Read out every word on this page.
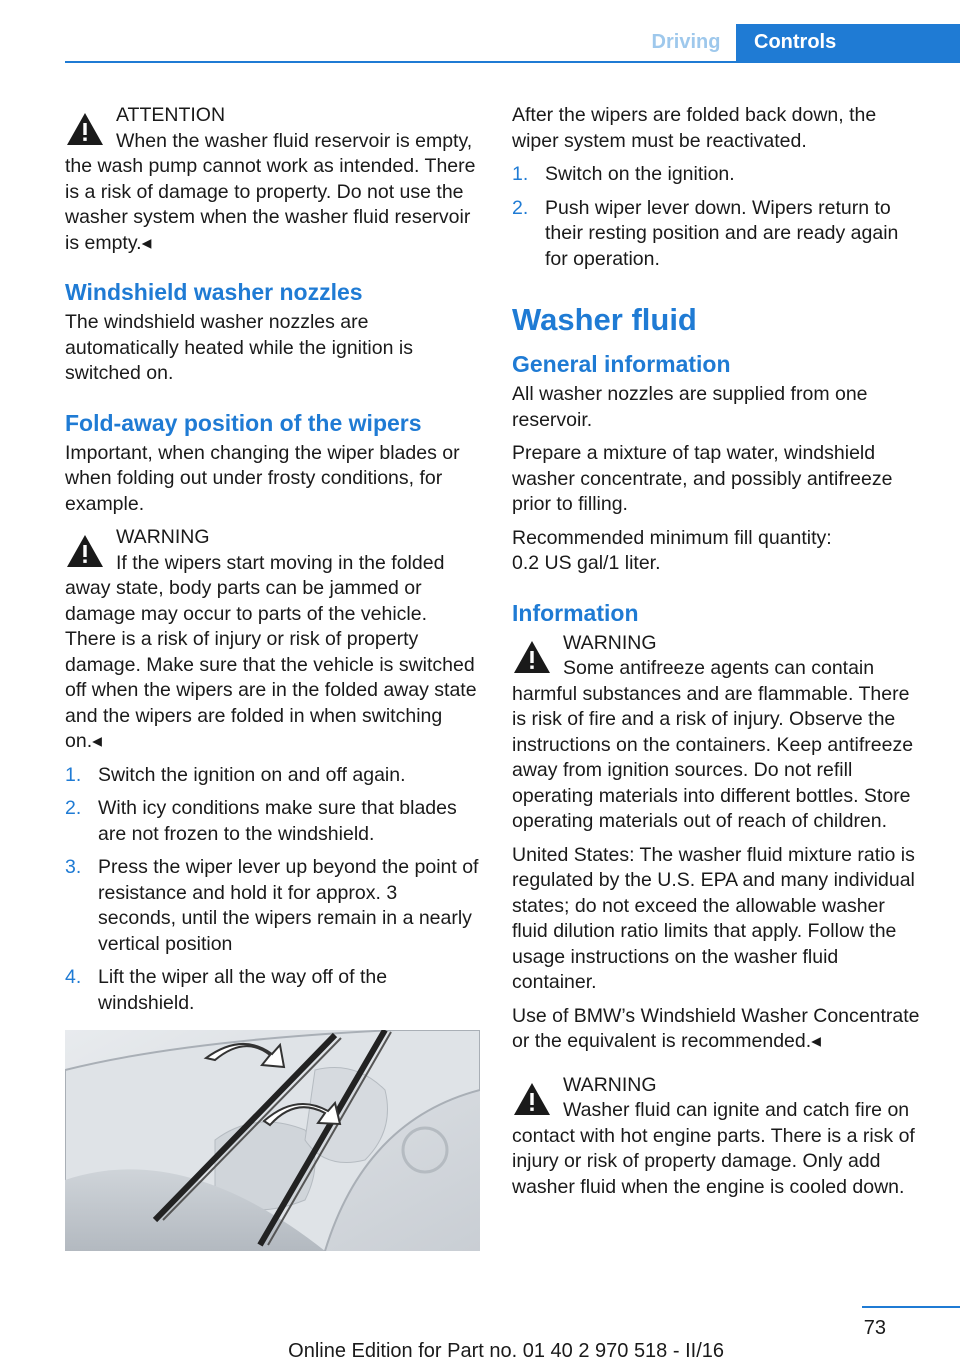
Driving	Controls
ATTENTION
When the washer fluid reservoir is empty,
the wash pump cannot work as intended. There is a risk of damage to property. Do not use the washer system when the washer fluid reservoir is empty.◂
Windshield washer nozzles

The windshield washer nozzles are automatically heated while the ignition is switched on.

Fold-away position of the wipers

Important, when changing the wiper blades or when folding out under frosty conditions, for example.

WARNING
If the wipers start moving in the folded
away state, body parts can be jammed or damage may occur to parts of the vehicle. There is a risk of injury or risk of property damage. Make sure that the vehicle is switched off when the wipers are in the folded away state and the wipers are folded in when switching on.◂
1. Switch the ignition on and off again.
2. With icy conditions make sure that blades are not frozen to the windshield.
3. Press the wiper lever up beyond the point of resistance and hold it for approx. 3 seconds, until the wipers remain in a nearly vertical position
4. Lift the wiper all the way off of the windshield.

After the wipers are folded back down, the wiper system must be reactivated.

1. Switch on the ignition.
2. Push wiper lever down. Wipers return to their resting position and are ready again for operation.
Washer fluid
General information

All washer nozzles are supplied from one reservoir.

Prepare a mixture of tap water, windshield washer concentrate, and possibly antifreeze prior to filling.

Recommended minimum fill quantity:
0.2 US gal/1 liter.

Information
WARNING
Some antifreeze agents can contain
harmful substances and are flammable. There is risk of fire and a risk of injury. Observe the instructions on the containers. Keep antifreeze away from ignition sources. Do not refill operating materials into different bottles. Store operating materials out of reach of children.

United States: The washer fluid mixture ratio is regulated by the U.S. EPA and many individual states; do not exceed the allowable washer fluid dilution ratio limits that apply. Follow the usage instructions on the washer fluid container.

Use of BMW’s Windshield Washer Concentrate or the equivalent is recommended.◂

WARNING
Washer fluid can ignite and catch fire on
contact with hot engine parts. There is a risk of injury or risk of property damage. Only add washer fluid when the engine is cooled down.
73
Online Edition for Part no. 01 40 2 970 518 - II/16
